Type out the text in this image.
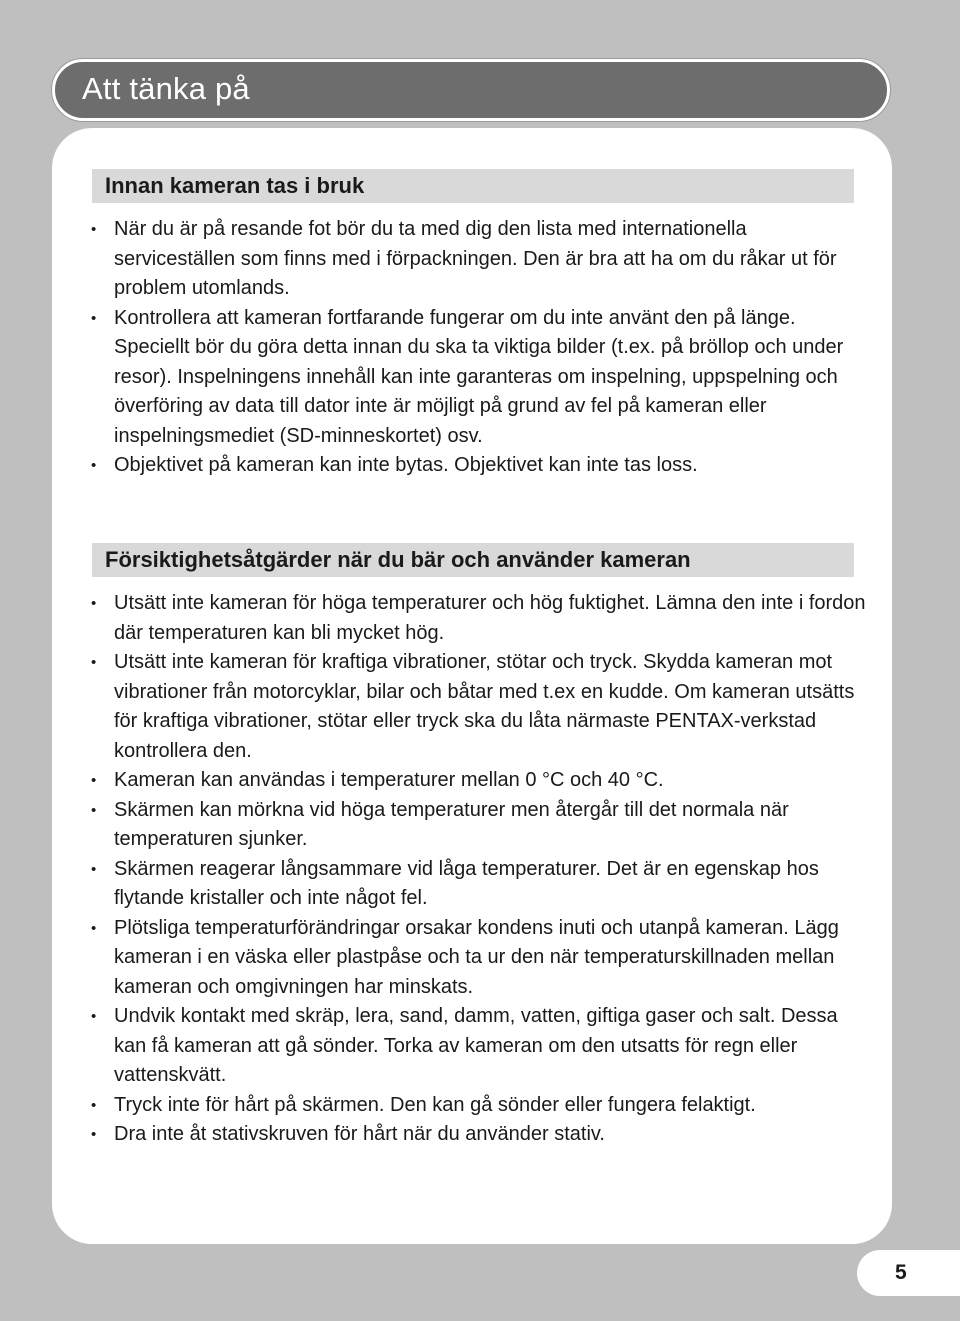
Att tänka på
Innan kameran tas i bruk
• När du är på resande fot bör du ta med dig den lista med internationella serviceställen som finns med i förpackningen. Den är bra att ha om du råkar ut för problem utomlands.
• Kontrollera att kameran fortfarande fungerar om du inte använt den på länge. Speciellt bör du göra detta innan du ska ta viktiga bilder (t.ex. på bröllop och under resor). Inspelningens innehåll kan inte garanteras om inspelning, uppspelning och överföring av data till dator inte är möjligt på grund av fel på kameran eller inspelningsmediet (SD-minneskortet) osv.
• Objektivet på kameran kan inte bytas. Objektivet kan inte tas loss.
Försiktighetsåtgärder när du bär och använder kameran
• Utsätt inte kameran för höga temperaturer och hög fuktighet. Lämna den inte i fordon där temperaturen kan bli mycket hög.
• Utsätt inte kameran för kraftiga vibrationer, stötar och tryck. Skydda kameran mot vibrationer från motorcyklar, bilar och båtar med t.ex en kudde. Om kameran utsätts för kraftiga vibrationer, stötar eller tryck ska du låta närmaste PENTAX-verkstad kontrollera den.
• Kameran kan användas i temperaturer mellan 0 °C och 40 °C.
• Skärmen kan mörkna vid höga temperaturer men återgår till det normala när temperaturen sjunker.
• Skärmen reagerar långsammare vid låga temperaturer. Det är en egenskap hos flytande kristaller och inte något fel.
• Plötsliga temperaturförändringar orsakar kondens inuti och utanpå kameran. Lägg kameran i en väska eller plastpåse och ta ur den när temperaturskillnaden mellan kameran och omgivningen har minskats.
• Undvik kontakt med skräp, lera, sand, damm, vatten, giftiga gaser och salt. Dessa kan få kameran att gå sönder. Torka av kameran om den utsatts för regn eller vattenskvätt.
• Tryck inte för hårt på skärmen. Den kan gå sönder eller fungera felaktigt.
• Dra inte åt stativskruven för hårt när du använder stativ.
5
